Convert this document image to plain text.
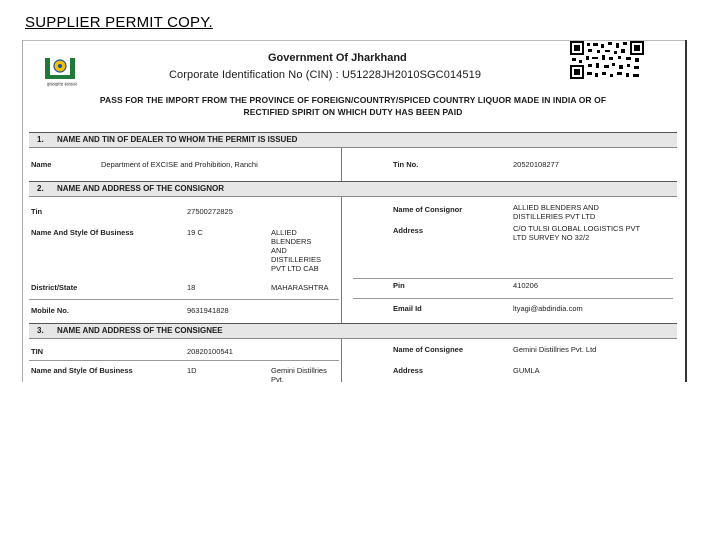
SUPPLIER PERMIT COPY.
झारखण्ड सरकार
Government Of Jharkhand
Corporate Identification No (CIN) : U51228JH2010SGC014519
PASS FOR THE IMPORT FROM THE PROVINCE OF FOREIGN/COUNTRY/SPICED COUNTRY LIQUOR MADE IN INDIA OR OF
RECTIFIED SPIRIT ON WHICH DUTY HAS BEEN PAID
1. NAME AND TIN OF DEALER TO WHOM THE PERMIT IS ISSUED
Name	Department of EXCISE and Prohibition, Ranchi	Tin No.	20520108277
2. NAME AND ADDRESS OF THE CONSIGNOR
Tin	27500272825	Name of Consignor	ALLIED BLENDERS AND DISTILLERIES PVT LTD
Name And Style Of Business	19 C	ALLIED BLENDERS AND DISTILLERIES PVT LTD CAB
Address	C/O TULSI GLOBAL LOGISTICS PVT LTD SURVEY NO 32/2
District/State	18	MAHARASHTRA	Pin	410206
Mobile No.	9631941828	Email Id	ltyagi@abdindia.com
3. NAME AND ADDRESS OF THE CONSIGNEE
TIN	20820100541	Name of Consignee	Gemini Distillries Pvt. Ltd
Name and Style Of Business	1D	Gemini Distillries Pvt.
Address	GUMLA
